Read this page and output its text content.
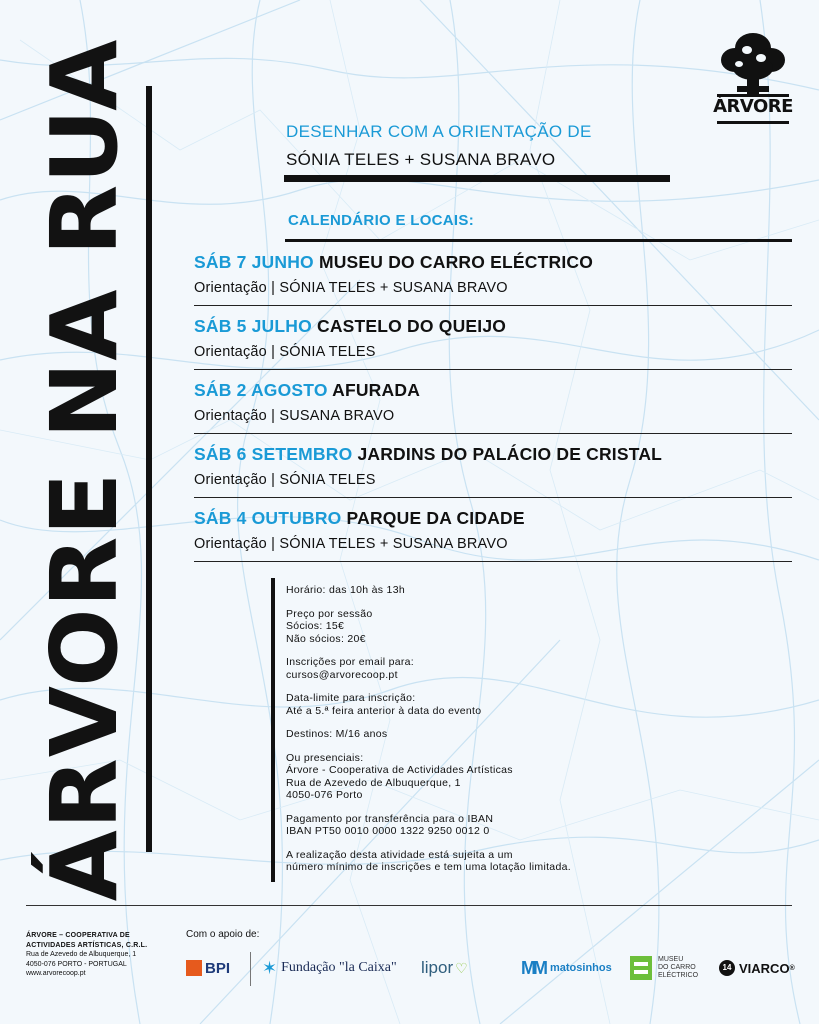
ÁRVORE NA RUA	ÁRVORE
DESENHAR COM A ORIENTAÇÃO DE
SÓNIA TELES + SUSANA BRAVO
CALENDÁRIO E LOCAIS:
SÁB 7 JUNHO MUSEU DO CARRO ELÉCTRICO
Orientação | SÓNIA TELES + SUSANA BRAVO
SÁB 5 JULHO CASTELO DO QUEIJO
Orientação | SÓNIA TELES
SÁB 2 AGOSTO AFURADA
Orientação | SUSANA BRAVO
SÁB 6 SETEMBRO JARDINS DO PALÁCIO DE CRISTAL
Orientação | SÓNIA TELES
SÁB 4 OUTUBRO PARQUE DA CIDADE
Orientação | SÓNIA TELES + SUSANA BRAVO

Horário: das 10h às 13h

Preço por sessão
Sócios: 15€
Não sócios: 20€

Inscrições por email para:
cursos@arvorecoop.pt

Data-limite para inscrição:
Até a 5.ª feira anterior à data do evento

Destinos: M/16 anos

Ou presenciais:
Árvore - Cooperativa de Actividades Artísticas
Rua de Azevedo de Albuquerque, 1
4050-076 Porto

Pagamento por transferência para o IBAN
IBAN PT50 0010 0000 1322 9250 0012 0

A realização desta atividade está sujeita a um
número mínimo de inscrições e tem uma lotação limitada.

ÁRVORE – COOPERATIVA DE
ACTIVIDADES ARTÍSTICAS, C.R.L.
Rua de Azevedo de Albuquerque, 1
4050-076 PORTO - PORTUGAL
www.arvorecoop.pt
Com o apoio de:
BPI ✶ Fundação "la Caixa" lipor ♡	MM matosinhos
MUSEU
DO CARRO
ELÉCTRICO
14 VIARCO ®
